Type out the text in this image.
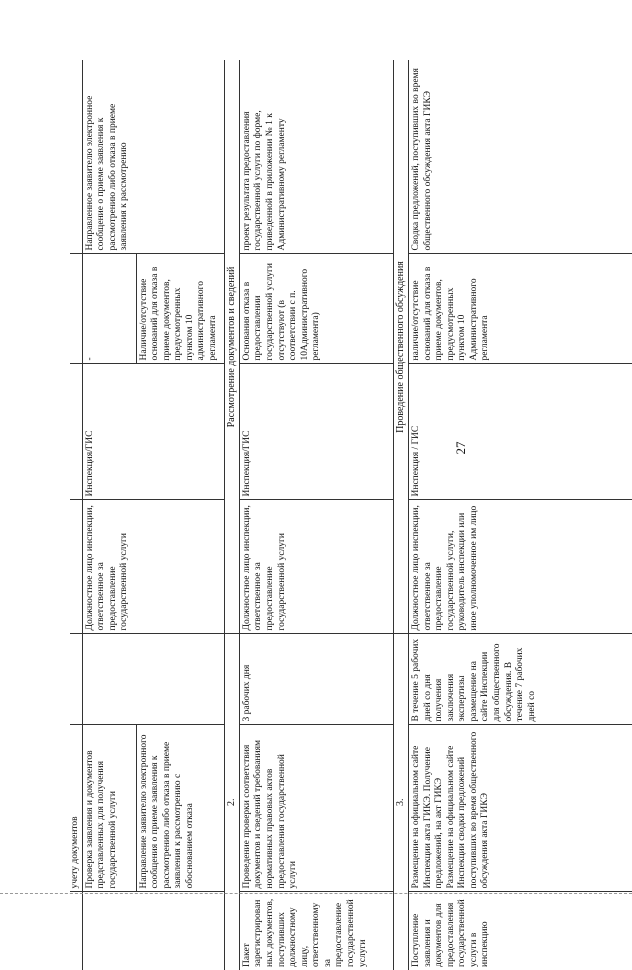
27
	учету документов					
	Проверка заявления и документов представленных для получения государственной услуги		Должностное лицо инспекции, ответственное за предоставление государственной услуги	Инспекция/ГИС	-	Направленное заявителю электронное сообщение о приеме заявления к рассмотрению либо отказа в приеме заявления к рассмотрению
	Направление заявителю электронного сообщения о приеме заявления к рассмотрению либо отказа в приеме заявления к рассмотрению с обоснованием отказа				Наличие/отсутствие оснований для отказа в приеме документов, предусмотренных пунктом 10 административного регламента	
2.			Рассмотрение документов и сведений			
Пакет зарегистрированных документов, поступивших должностному лицу, ответственному за предоставление государственной услуги	Проведение проверки соответствия документов и сведений требованиям нормативных правовых актов предоставления государственной услуги	3 рабочих дня	Должностное лицо инспекции, ответственное за предоставление государственной услуги	Инспекция/ГИС	Основания отказа в предоставлении государственной услуги отсутствуют (в соответствии с п. 10Административного регламента)	проект результата предоставления государственной услуги по форме, приведенной в приложении № 1 к Административному регламенту
3.			Проведение общественного обсуждения			
Поступление заявления и документов для предоставления государственной услуги в инспекцию	Размещение на официальном сайте Инспекции акта ГИКЭ. Получение предложений, на акт ГИКЭ Размещение на официальном сайте Инспекции сводки предложений поступивших во время общественного обсуждения акта ГИКЭ	В течение 5 рабочих дней со дня получения заключения экспертизы размещение на сайте Инспекции для общественного обсуждения. В течение 7 рабочих дней со	Должностное лицо инспекции, ответственное за предоставление государственной услуги, руководитель инспекции или иное уполномоченное им лицо	Инспекция / ГИС	наличие/отсутствие оснований для отказа в приеме документов, предусмотренных пунктом 10 Административного регламента	Сводка предложений, поступивших во время общественного обсуждения акта ГИКЭ
